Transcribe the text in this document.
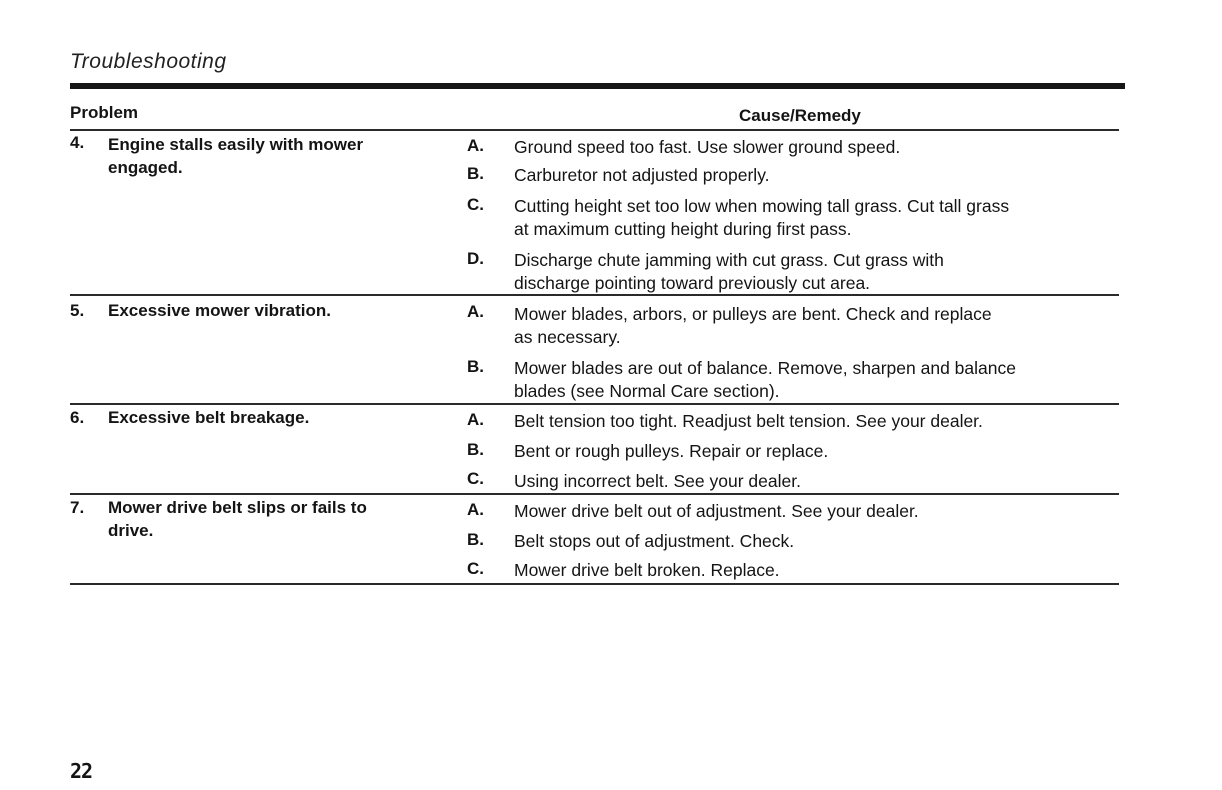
Troubleshooting
Problem	Cause/Remedy
4. Engine stalls easily with mower engaged.
A. Ground speed too fast. Use slower ground speed.
B. Carburetor not adjusted properly.
C. Cutting height set too low when mowing tall grass. Cut tall grass
at maximum cutting height during first pass.
D. Discharge chute jamming with cut grass. Cut grass with
discharge pointing toward previously cut area.
5. Excessive mower vibration.	A. Mower blades, arbors, or pulleys are bent. Check and replace
as necessary.
B. Mower blades are out of balance. Remove, sharpen and balance
blades (see Normal Care section).
6. Excessive belt breakage.	A. Belt tension too tight. Readjust belt tension. See your dealer.
B. Bent or rough pulleys. Repair or replace.
C. Using incorrect belt. See your dealer.
7. Mower drive belt slips or fails to drive.
A. Mower drive belt out of adjustment. See your dealer.
B. Belt stops out of adjustment. Check.
C. Mower drive belt broken. Replace.
22
